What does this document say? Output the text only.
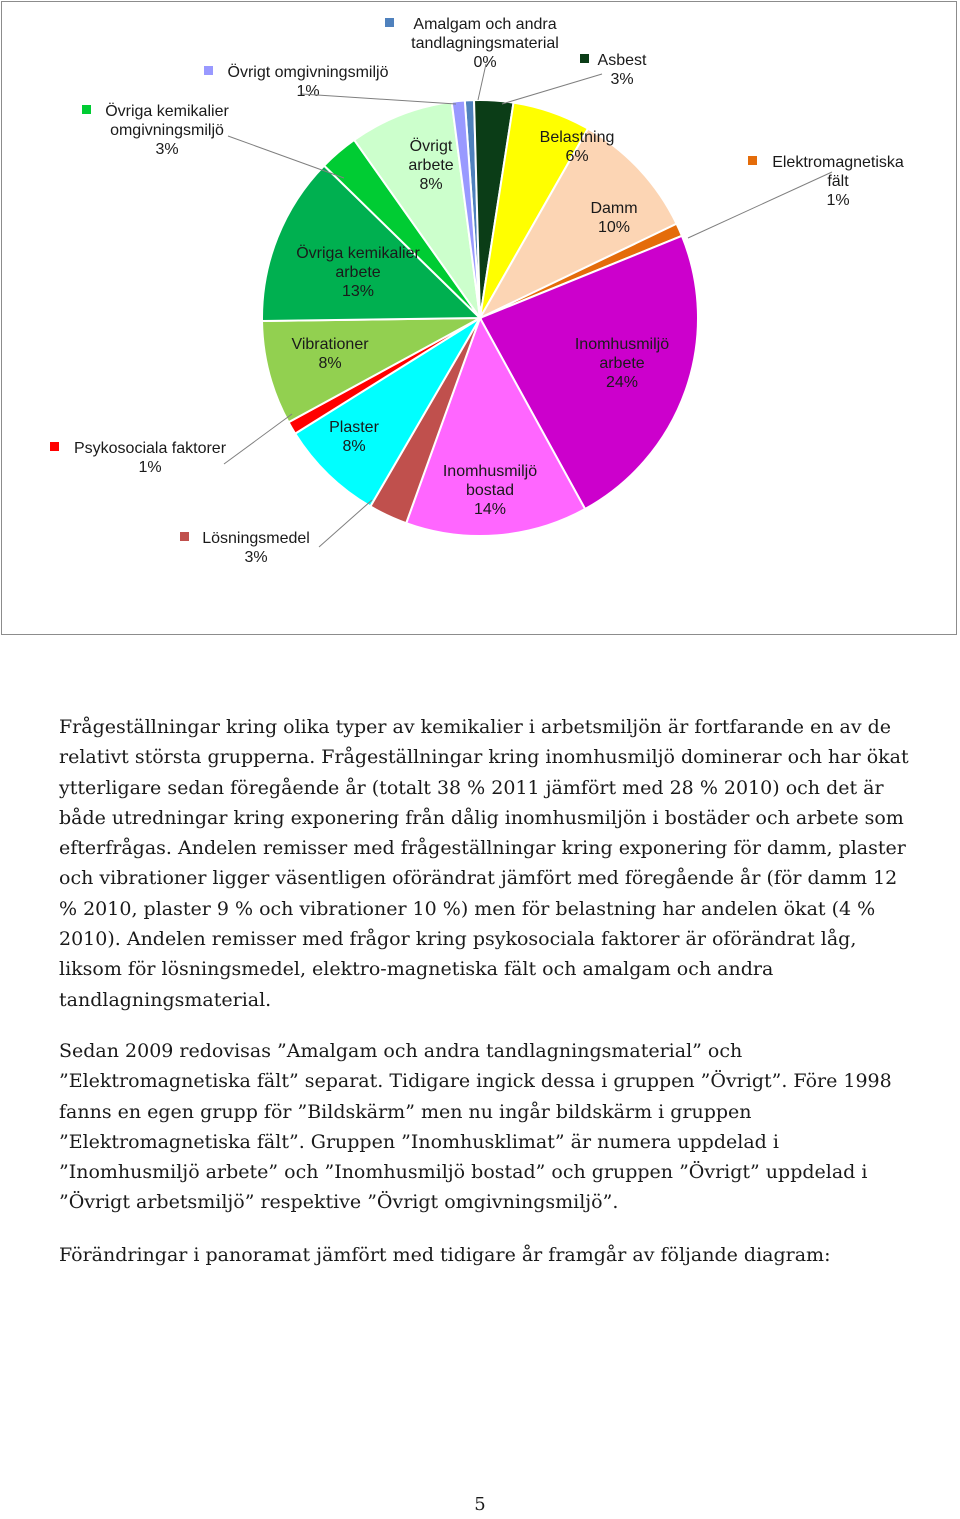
Amalgam och andra
tandlagningsmaterial
0%	Asbest
3%
Belastning
6%
Damm
10%
Elektromagnetiska
fält
1%
Inomhusmiljö
arbete
24%
Inomhusmiljö
bostad
14%
Lösningsmedel
3%
Plaster
8%
Psykosociala faktorer
1%
Vibrationer
8%
Övriga kemikalier
arbete
13%
Övriga kemikalier
omgivningsmiljö
3%	Övrigt
arbete
8%
Övrigt omgivningsmiljö
1%

Frågeställningar kring olika typer av kemikalier i arbetsmiljön är fortfarande en av de relativt största grupperna. Frågeställningar kring inomhusmiljö dominerar och har ökat ytterligare sedan föregående år (totalt 38 % 2011 jämfört med 28 % 2010) och det är både utredningar kring exponering från dålig inomhusmiljön i bostäder och arbete som efterfrågas. Andelen remisser med frågeställningar kring exponering för damm, plaster och vibrationer ligger väsentligen oförändrat jämfört med föregående år (för damm 12 % 2010, plaster 9 % och vibrationer 10 %) men för belastning har andelen ökat (4 % 2010). Andelen remisser med frågor kring psykosociala faktorer är oförändrat låg, liksom för lösningsmedel, elektro-magnetiska fält och amalgam och andra tandlagningsmaterial.

Sedan 2009 redovisas ”Amalgam och andra tandlagningsmaterial” och ”Elektromagnetiska fält” separat. Tidigare ingick dessa i gruppen ”Övrigt”. Före 1998 fanns en egen grupp för ”Bildskärm” men nu ingår bildskärm i gruppen ”Elektromagnetiska fält”. Gruppen ”Inomhusklimat” är numera uppdelad i ”Inomhusmiljö arbete” och ”Inomhusmiljö bostad” och gruppen ”Övrigt” uppdelad i ”Övrigt arbetsmiljö” respektive ”Övrigt omgivningsmiljö”.

Förändringar i panoramat jämfört med tidigare år framgår av följande diagram:

5
